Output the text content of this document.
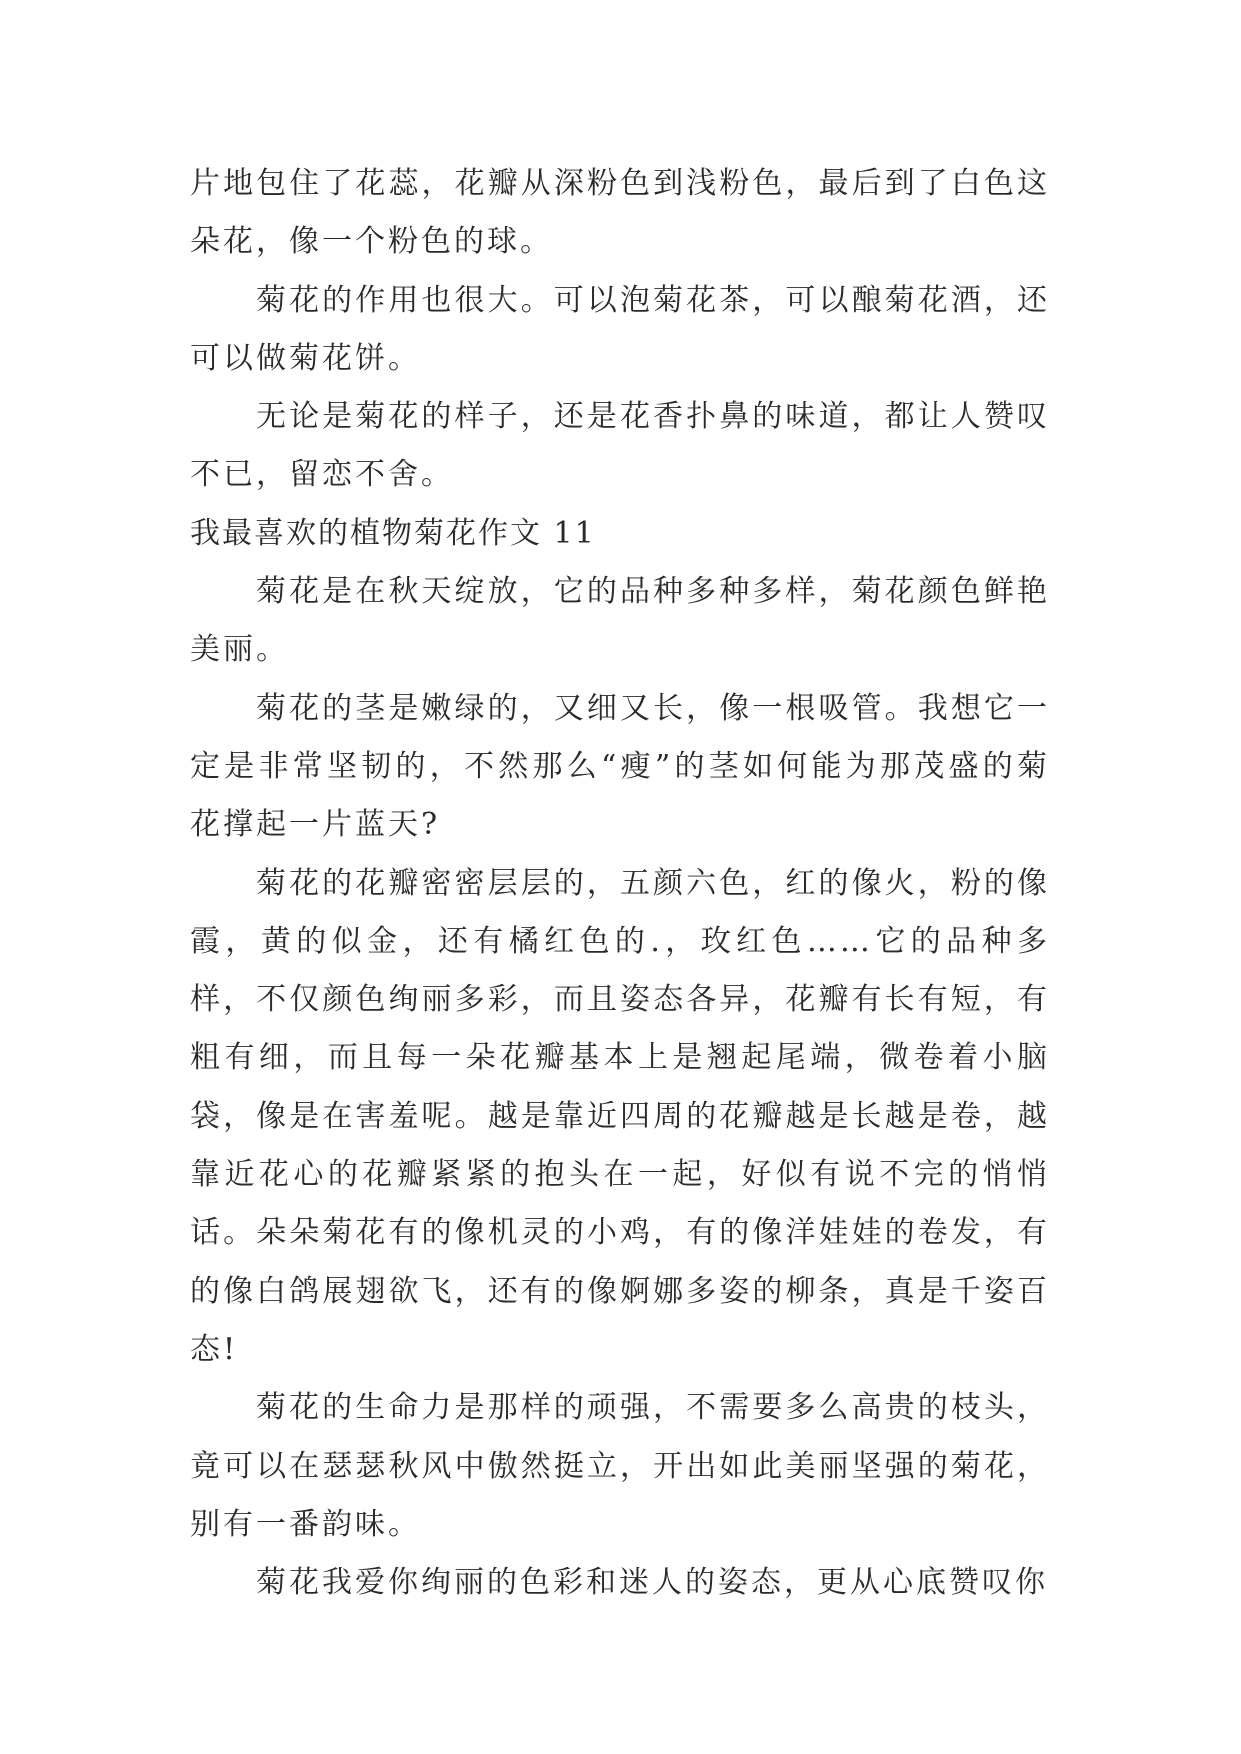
片地包住了花蕊，花瓣从深粉色到浅粉色，最后到了白色这朵花，像一个粉色的球。

菊花的作用也很大。可以泡菊花茶，可以酿菊花酒，还可以做菊花饼。

无论是菊花的样子，还是花香扑鼻的味道，都让人赞叹不已，留恋不舍。

我最喜欢的植物菊花作文 11

菊花是在秋天绽放，它的品种多种多样，菊花颜色鲜艳美丽。

菊花的茎是嫩绿的，又细又长，像一根吸管。我想它一定是非常坚韧的，不然那么“瘦”的茎如何能为那茂盛的菊花撑起一片蓝天?

菊花的花瓣密密层层的，五颜六色，红的像火，粉的像霞，黄的似金，还有橘红色的.，玫红色……它的品种多样，不仅颜色绚丽多彩，而且姿态各异，花瓣有长有短，有粗有细，而且每一朵花瓣基本上是翘起尾端，微卷着小脑袋，像是在害羞呢。越是靠近四周的花瓣越是长越是卷，越靠近花心的花瓣紧紧的抱头在一起，好似有说不完的悄悄话。朵朵菊花有的像机灵的小鸡，有的像洋娃娃的卷发，有的像白鸽展翅欲飞，还有的像婀娜多姿的柳条，真是千姿百态!

菊花的生命力是那样的顽强，不需要多么高贵的枝头，竟可以在瑟瑟秋风中傲然挺立，开出如此美丽坚强的菊花，别有一番韵味。

菊花我爱你绚丽的色彩和迷人的姿态，更从心底赞叹你
